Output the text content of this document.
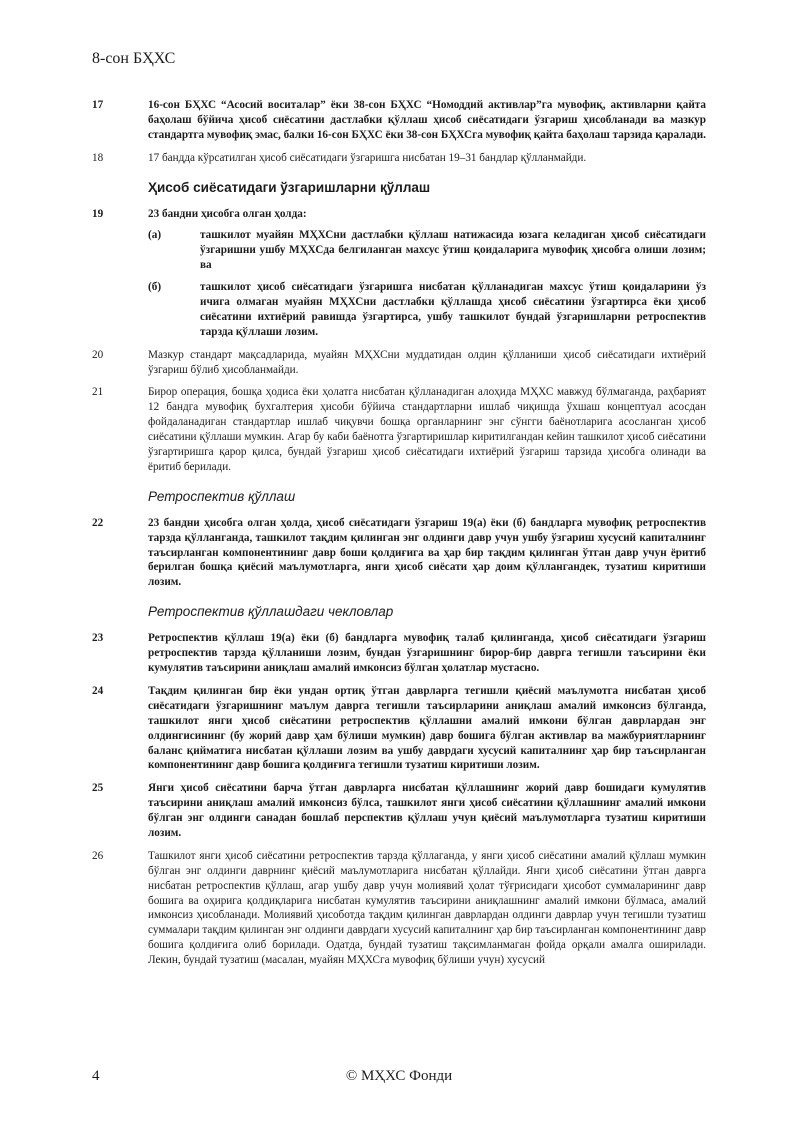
8-сон БҲХС
17	16-сон БҲХС “Асосий воситалар” ёки 38-сон БҲХС “Номоддий активлар”га мувофиқ, активларни қайта баҳолаш бўйича ҳисоб сиёсатини дастлабки қўллаш ҳисоб сиёсатидаги ўзгариш ҳисобланади ва мазкур стандартга мувофиқ эмас, балки 16-сон БҲХС ёки 38-сон БҲХСга мувофиқ қайта баҳолаш тарзида қаралади.
18	17 бандда кўрсатилган ҳисоб сиёсатидаги ўзгаришга нисбатан 19–31 бандлар қўлланмайди.
Ҳисоб сиёсатидаги ўзгаришларни қўллаш
19	23 бандни ҳисобга олган ҳолда:
(а)	ташкилот муайян МҲХСни дастлабки қўллаш натижасида юзага келадиган ҳисоб сиёсатидаги ўзгаришни ушбу МҲХСда белгиланган махсус ўтиш қоидаларига мувофиқ ҳисобга олиши лозим; ва
(б)	ташкилот ҳисоб сиёсатидаги ўзгаришга нисбатан қўлланадиган махсус ўтиш қоидаларини ўз ичига олмаган муайян МҲХСни дастлабки қўллашда ҳисоб сиёсатини ўзгартирса ёки ҳисоб сиёсатини ихтиёрий равишда ўзгартирса, ушбу ташкилот бундай ўзгаришларни ретроспектив тарзда қўллаши лозим.
20	Мазкур стандарт мақсадларида, муайян МҲХСни муддатидан олдин қўлланиши ҳисоб сиёсатидаги ихтиёрий ўзгариш бўлиб ҳисобланмайди.
21	Бирор операция, бошқа ҳодиса ёки ҳолатга нисбатан қўлланадиган алоҳида МҲХС мавжуд бўлмаганда, раҳбарият 12 бандга мувофиқ бухгалтерия ҳисоби бўйича стандартларни ишлаб чиқишда ўхшаш концептуал асосдан фойдаланадиган стандартлар ишлаб чиқувчи бошқа органларнинг энг сўнгги баёнотларига асосланган ҳисоб сиёсатини қўллаши мумкин. Агар бу каби баёнотга ўзгартиришлар киритилгандан кейин ташкилот ҳисоб сиёсатини ўзгартиришга қарор қилса, бундай ўзгариш ҳисоб сиёсатидаги ихтиёрий ўзгариш тарзида ҳисобга олинади ва ёритиб берилади.
Ретроспектив қўллаш
22	23 бандни ҳисобга олган ҳолда, ҳисоб сиёсатидаги ўзгариш 19(а) ёки (б) бандларга мувофиқ ретроспектив тарзда қўлланганда, ташкилот тақдим қилинган энг олдинги давр учун ушбу ўзгариш хусусий капиталнинг таъсирланган компонентининг давр боши қолдиғига ва ҳар бир тақдим қилинган ўтган давр учун ёритиб берилган бошқа қиёсий маълумотларга, янги ҳисоб сиёсати ҳар доим қўллангандек, тузатиш киритиши лозим.
Ретроспектив қўллашдаги чекловлар
23	Ретроспектив қўллаш 19(а) ёки (б) бандларга мувофиқ талаб қилинганда, ҳисоб сиёсатидаги ўзгариш ретроспектив тарзда қўлланиши лозим, бундан ўзгаришнинг бирор-бир даврга тегишли таъсирини ёки кумулятив таъсирини аниқлаш амалий имконсиз бўлган ҳолатлар мустасно.
24	Тақдим қилинган бир ёки ундан ортиқ ўтган даврларга тегишли қиёсий маълумотга нисбатан ҳисоб сиёсатидаги ўзгаришнинг маълум даврга тегишли таъсирларини аниқлаш амалий имконсиз бўлганда, ташкилот янги ҳисоб сиёсатини ретроспектив қўллашни амалий имкони бўлган даврлардан энг олдингисининг (бу жорий давр ҳам бўлиши мумкин) давр бошига бўлган активлар ва мажбуриятларнинг баланс қийматига нисбатан қўллаши лозим ва ушбу даврдаги хусусий капиталнинг ҳар бир таъсирланган компонентининг давр бошига қолдиғига тегишли тузатиш киритиши лозим.
25	Янги ҳисоб сиёсатини барча ўтган даврларга нисбатан қўллашнинг жорий давр бошидаги кумулятив таъсирини аниқлаш амалий имконсиз бўлса, ташкилот янги ҳисоб сиёсатини қўллашнинг амалий имкони бўлган энг олдинги санадан бошлаб перспектив қўллаш учун қиёсий маълумотларга тузатиш киритиши лозим.
26	Ташкилот янги ҳисоб сиёсатини ретроспектив тарзда қўллаганда, у янги ҳисоб сиёсатини амалий қўллаш мумкин бўлган энг олдинги даврнинг қиёсий маълумотларига нисбатан қўллайди. Янги ҳисоб сиёсатини ўтган даврга нисбатан ретроспектив қўллаш, агар ушбу давр учун молиявий ҳолат тўғрисидаги ҳисобот суммаларининг давр бошига ва оҳирига қолдиқларига нисбатан кумулятив таъсирини аниқлашнинг амалий имкони бўлмаса, амалий имконсиз ҳисобланади. Молиявий ҳисоботда тақдим қилинган даврлардан олдинги даврлар учун тегишли тузатиш суммалари тақдим қилинган энг олдинги даврдаги хусусий капиталнинг ҳар бир таъсирланган компонентининг давр бошига қолдиғига олиб борилади. Одатда, бундай тузатиш тақсимланмаган фойда орқали амалга оширилади. Лекин, бундай тузатиш (масалан, муайян МҲХСга мувофиқ бўлиши учун) хусусий
4	© МҲХС Фонди
